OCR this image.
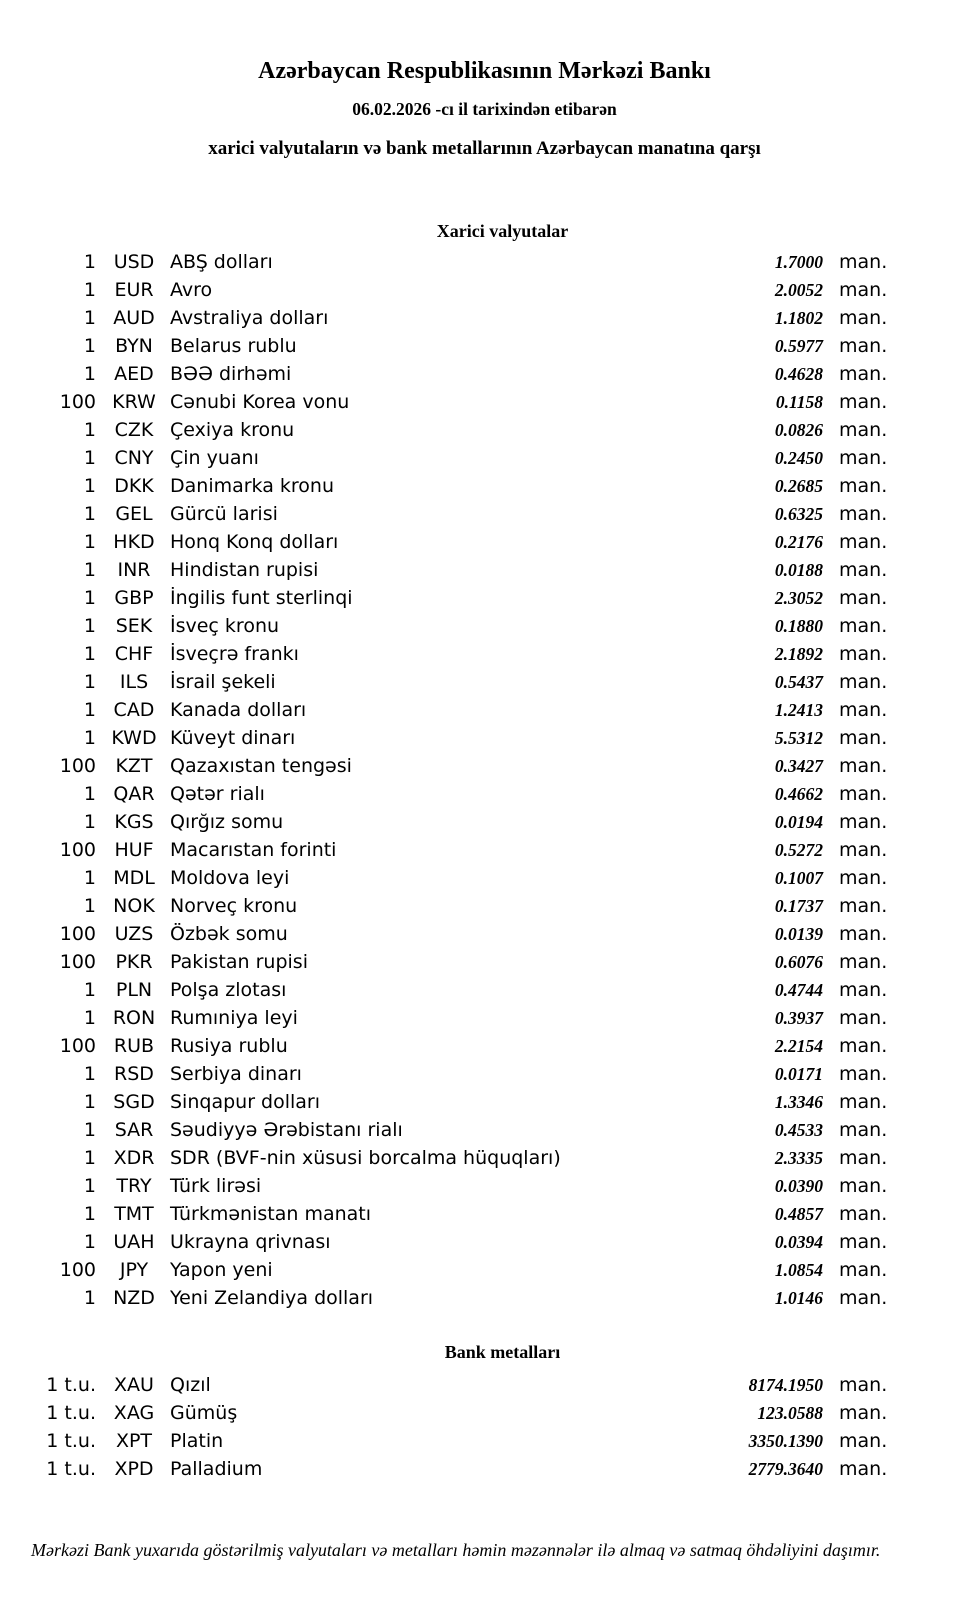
Azərbaycan Respublikasının Mərkəzi Bankı
06.02.2026 -cı il tarixindən etibarən
xarici valyutaların və bank metallarının Azərbaycan manatına qarşı
Xarici valyutalar
1 USD ABŞ dolları	1.7000 man.
1 EUR Avro	2.0052 man.
1 AUD Avstraliya dolları	1.1802 man.
1	BYN Belarus rublu	0.5977 man.
1 AED BƏƏ dirhəmi	0.4628 man.
100 KRW Cənubi Korea vonu	0.1158 man.
1 CZK Çexiya kronu	0.0826 man.
1 CNY Çin yuanı	0.2450 man.
1 DKK Danimarka kronu	0.2685 man.
1	GEL Gürcü larisi	0.6325 man.
1 HKD Honq Konq dolları	0.2176 man.
1	INR	Hindistan rupisi	0.0188 man.
1 GBP İngilis funt sterlinqi	2.3052 man.
1	SEK İsveç kronu	0.1880 man.
1 CHF İsveçrə frankı	2.1892 man.
1	ILS	İsrail şekeli	0.5437 man.
1 CAD Kanada dolları	1.2413 man.
1 KWD Küveyt dinarı	5.5312 man.
100	KZT Qazaxıstan tengəsi	0.3427 man.
1 QAR Qətər rialı	0.4662 man.
1 KGS Qırğız somu	0.0194 man.
100 HUF Macarıstan forinti	0.5272 man.
1 MDL Moldova leyi	0.1007 man.
1 NOK Norveç kronu	0.1737 man.
100 UZS Özbək somu	0.0139 man.
100	PKR Pakistan rupisi	0.6076 man.
1	PLN Polşa zlotası	0.4744 man.
1 RON Rumıniya leyi	0.3937 man.
100 RUB Rusiya rublu	2.2154 man.
1 RSD Serbiya dinarı	0.0171 man.
1 SGD Sinqapur dolları	1.3346 man.
1 SAR Səudiyyə Ərəbistanı rialı	0.4533 man.
1 XDR SDR (BVF-nin xüsusi borcalma hüquqları)	2.3335 man.
1	TRY Türk lirəsi	0.0390 man.
1 TMT Türkmənistan manatı	0.4857 man.
1 UAH Ukrayna qrivnası	0.0394 man.
100	JPY	Yapon yeni	1.0854 man.
1 NZD Yeni Zelandiya dolları	1.0146 man.
Bank metalları
1 t.u. XAU Qızıl	8174.1950 man.
1 t.u. XAG Gümüş	123.0588 man.
1 t.u.	XPT Platin	3350.1390 man.
1 t.u. XPD Palladium	2779.3640 man.
Mərkəzi Bank yuxarıda göstərilmiş valyutaları və metalları həmin məzənnələr ilə almaq və satmaq öhdəliyini daşımır.
